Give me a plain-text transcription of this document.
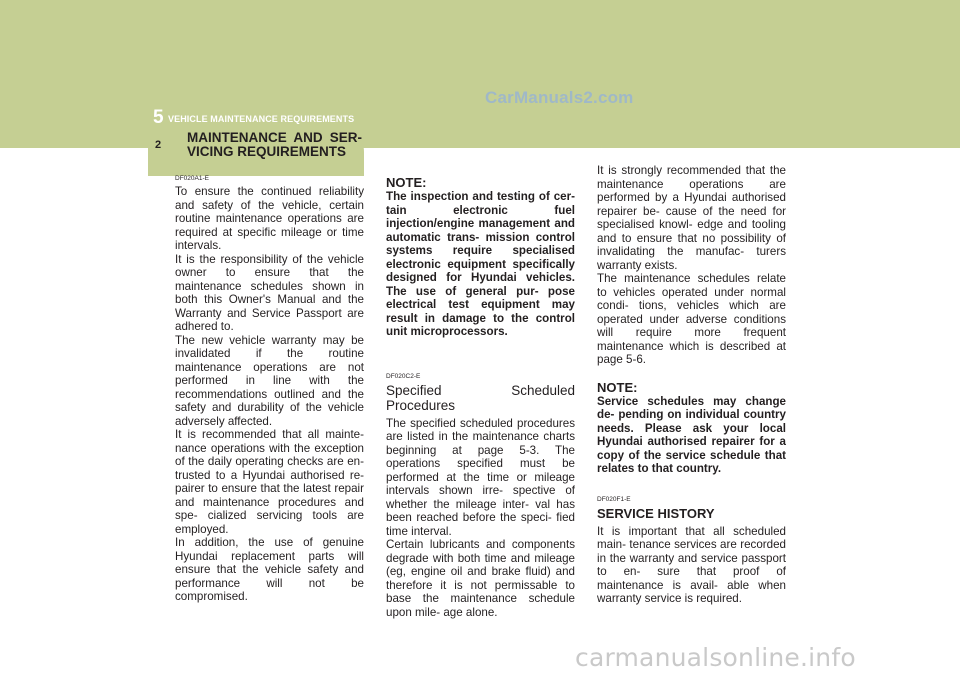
CarManuals2.com
5 VEHICLE MAINTENANCE REQUIREMENTS
2 MAINTENANCE AND SER- VICING REQUIREMENTS
DF020A1-E

To ensure the continued reliability and safety of the vehicle, certain routine maintenance operations are required at specific mileage or time intervals.

It is the responsibility of the vehicle owner to ensure that the maintenance schedules shown in both this Owner's Manual and the Warranty and Service Passport are adhered to.

The new vehicle warranty may be invalidated if the routine maintenance operations are not performed in line with the recommendations outlined and the safety and durability of the vehicle adversely affected.

It is recommended that all mainte- nance operations with the exception of the daily operating checks are en- trusted to a Hyundai authorised re- pairer to ensure that the latest repair and maintenance procedures and spe- cialized servicing tools are employed.

In addition, the use of genuine Hyundai replacement parts will ensure that the vehicle safety and performance will not be compromised.

NOTE:

The inspection and testing of cer- tain electronic fuel injection/engine management and automatic trans- mission control systems require specialised electronic equipment specifically designed for Hyundai vehicles. The use of general pur- pose electrical test equipment may result in damage to the control unit microprocessors.

DF020C2-E

Specified Scheduled Procedures

The specified scheduled procedures are listed in the maintenance charts beginning at page 5-3. The operations specified must be performed at the time or mileage intervals shown irre- spective of whether the mileage inter- val has been reached before the speci- fied time interval.

Certain lubricants and components degrade with both time and mileage (eg, engine oil and brake fluid) and therefore it is not permissable to base the maintenance schedule upon mile- age alone.

It is strongly recommended that the maintenance operations are performed by a Hyundai authorised repairer be- cause of the need for specialised knowl- edge and tooling and to ensure that no possibility of invalidating the manufac- turers warranty exists.

The maintenance schedules relate to vehicles operated under normal condi- tions, vehicles which are operated under adverse conditions will require more frequent maintenance which is described at page 5-6.

NOTE:

Service schedules may change de- pending on individual country needs. Please ask your local Hyundai authorised repairer for a copy of the service schedule that relates to that country.

DF020F1-E

SERVICE HISTORY

It is important that all scheduled main- tenance services are recorded in the warranty and service passport to en- sure that proof of maintenance is avail- able when warranty service is required.

carmanualsonline.info
